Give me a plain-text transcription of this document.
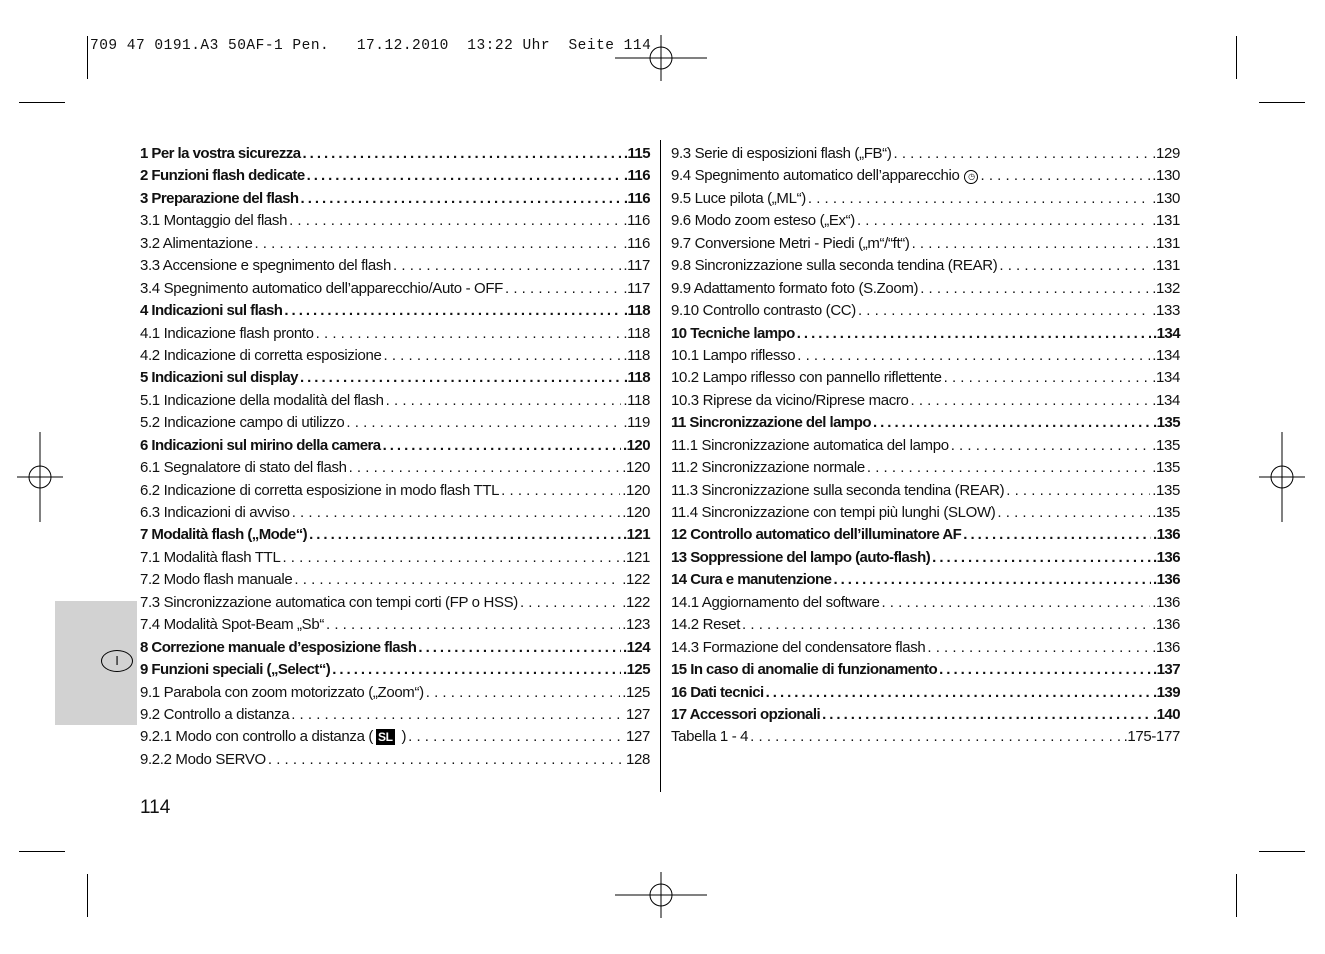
709 47 0191.A3 50AF-1 Pen.   17.12.2010  13:22 Uhr  Seite 114
I
1 Per la vostra sicurezza .....	.115
2 Funzioni flash dedicate .....	.116
3 Preparazione del flash .....	.116
3.1 Montaggio del flash . . .	.116
3.2 Alimentazione . . .	.116
3.3 Accensione e spegnimento del flash . . .	.117
3.4 Spegnimento automatico dell’apparecchio/Auto - OFF . . .	.117
4 Indicazioni sul flash .....	.118
4.1 Indicazione flash pronto . . .	.118
4.2 Indicazione di corretta esposizione . . .	.118
5 Indicazioni sul display .....	.118
5.1 Indicazione della modalità del flash . . .	.118
5.2 Indicazione campo di utilizzo . . .	.119
6 Indicazioni sul mirino della camera .....	.120
6.1 Segnalatore di stato del flash . . .	.120
6.2 Indicazione di corretta esposizione in modo flash TTL . . .	.120
6.3 Indicazioni di avviso . . .	.120
7 Modalità flash („Mode“) .....	.121
7.1 Modalità flash TTL . . .	.121
7.2 Modo flash manuale . . .	.122
7.3 Sincronizzazione automatica con tempi corti (FP o HSS) . . .	.122
7.4 Modalità Spot-Beam „Sb“ . . .	.123
8 Correzione manuale d’esposizione flash .....	.124
9 Funzioni speciali („Select“) .....	.125
9.1 Parabola con zoom motorizzato („Zoom“) . . .	.125
9.2 Controllo a distanza . . .	127
9.2.1 Modo con controllo a distanza ( SL ) . . .	127
9.2.2 Modo SERVO . . .	128
9.3 Serie di esposizioni flash („FB“) . . .	.129
9.4 Spegnimento automatico dell’apparecchio ◷ . . .	.130
9.5 Luce pilota („ML“) . . .	.130
9.6 Modo zoom esteso („Ex“) . . .	.131
9.7 Conversione Metri - Piedi („m“/“ft“) . . .	.131
9.8 Sincronizzazione sulla seconda tendina (REAR) . . .	.131
9.9 Adattamento formato foto (S.Zoom) . . .	.132
9.10 Controllo contrasto (CC) . . .	.133
10 Tecniche lampo .....	.134
10.1 Lampo riflesso . . .	.134
10.2 Lampo riflesso con pannello riflettente . . .	.134
10.3 Riprese da vicino/Riprese macro . . .	.134
11 Sincronizzazione del lampo .....	.135
11.1 Sincronizzazione automatica del lampo . . .	.135
11.2 Sincronizzazione normale . . .	.135
11.3 Sincronizzazione sulla seconda tendina (REAR) . . .	.135
11.4 Sincronizzazione con tempi più lunghi (SLOW) . . .	.135
12 Controllo automatico dell’illuminatore AF .....	.136
13 Soppressione del lampo (auto-flash) .....	.136
14 Cura e manutenzione .....	.136
14.1 Aggiornamento del software . . .	.136
14.2 Reset . . .	.136
14.3 Formazione del condensatore flash . . .	.136
15 In caso di anomalie di funzionamento .....	.137
16 Dati tecnici .....	.139
17 Accessori opzionali .....	.140
Tabella 1 - 4 . . .	.175-177
114
